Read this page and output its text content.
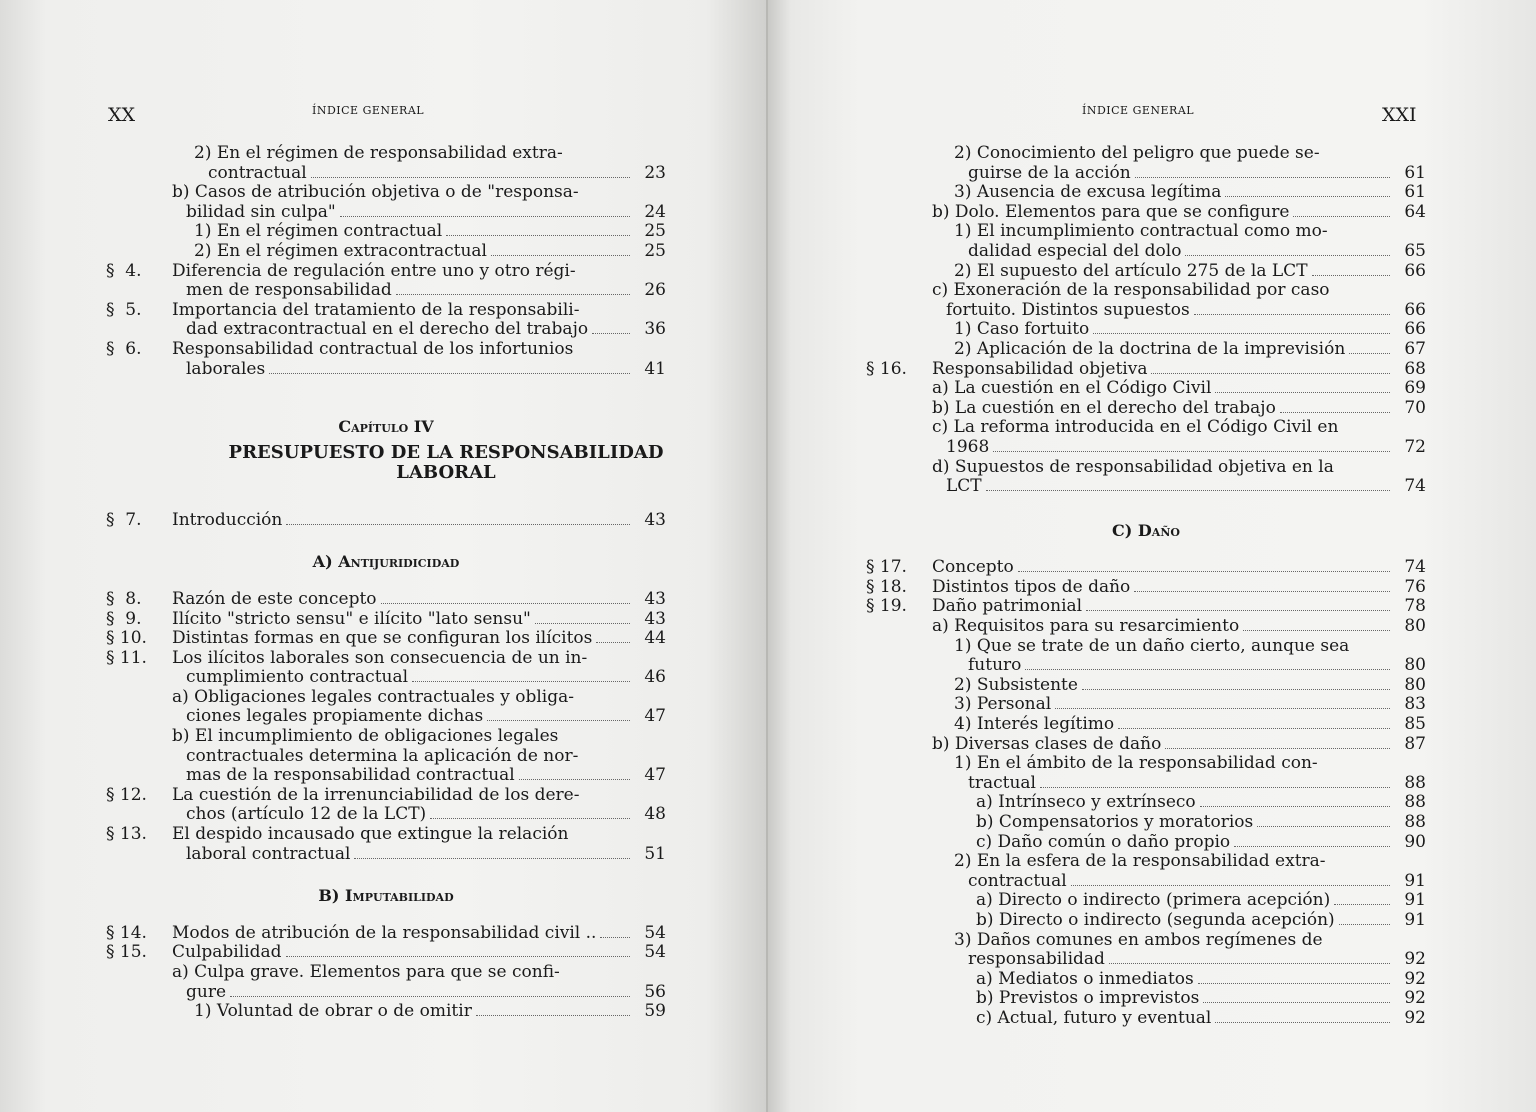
XX	ÍNDICE GENERAL
2) En el régimen de responsabilidad extra-
contractual	23
b) Casos de atribución objetiva o de "responsa-
bilidad sin culpa"	24
1) En el régimen contractual	25
2) En el régimen extracontractual	25
§  4.	Diferencia de regulación entre uno y otro régi-
men de responsabilidad	26
§  5.	Importancia del tratamiento de la responsabili-
dad extracontractual en el derecho del trabajo	36
§  6.	Responsabilidad contractual de los infortunios
laborales	41
Capítulo IV
PRESUPUESTO DE LA RESPONSABILIDAD LABORAL
§  7.	Introducción	43
A) Antijuridicidad
§  8.	Razón de este concepto	43
§  9.	Ilícito "stricto sensu" e ilícito "lato sensu"	43
§ 10.	Distintas formas en que se configuran los ilícitos	44
§ 11.	Los ilícitos laborales son consecuencia de un in-
cumplimiento contractual	46
a) Obligaciones legales contractuales y obliga-
ciones legales propiamente dichas	47
b) El incumplimiento de obligaciones legales
contractuales determina la aplicación de nor-
mas de la responsabilidad contractual	47
§ 12.	La cuestión de la irrenunciabilidad de los dere-
chos (artículo 12 de la LCT)	48
§ 13.	El despido incausado que extingue la relación
laboral contractual	51
B) Imputabilidad
§ 14.	Modos de atribución de la responsabilidad civil ..	54
§ 15.	Culpabilidad	54
a) Culpa grave. Elementos para que se confi-
gure	56
1) Voluntad de obrar o de omitir	59
XXI
ÍNDICE GENERAL
2) Conocimiento del peligro que puede se-
guirse de la acción	61
3) Ausencia de excusa legítima	61
b) Dolo. Elementos para que se configure	64
1) El incumplimiento contractual como mo-
dalidad especial del dolo	65
2) El supuesto del artículo 275 de la LCT	66
c) Exoneración de la responsabilidad por caso
fortuito. Distintos supuestos	66
1) Caso fortuito	66
2) Aplicación de la doctrina de la imprevisión	67
§ 16.	Responsabilidad objetiva	68
a) La cuestión en el Código Civil	69
b) La cuestión en el derecho del trabajo	70
c) La reforma introducida en el Código Civil en
1968	72
d) Supuestos de responsabilidad objetiva en la
LCT	74
C) Daño
§ 17.	Concepto	74
§ 18.	Distintos tipos de daño	76
§ 19.	Daño patrimonial	78
a) Requisitos para su resarcimiento	80
1) Que se trate de un daño cierto, aunque sea
futuro	80
2) Subsistente	80
3) Personal	83
4) Interés legítimo	85
b) Diversas clases de daño	87
1) En el ámbito de la responsabilidad con-
tractual	88
a) Intrínseco y extrínseco	88
b) Compensatorios y moratorios	88
c) Daño común o daño propio	90
2) En la esfera de la responsabilidad extra-
contractual	91
a) Directo o indirecto (primera acepción)	91
b) Directo o indirecto (segunda acepción)	91
3) Daños comunes en ambos regímenes de
responsabilidad	92
a) Mediatos o inmediatos	92
b) Previstos o imprevistos	92
c) Actual, futuro y eventual	92
